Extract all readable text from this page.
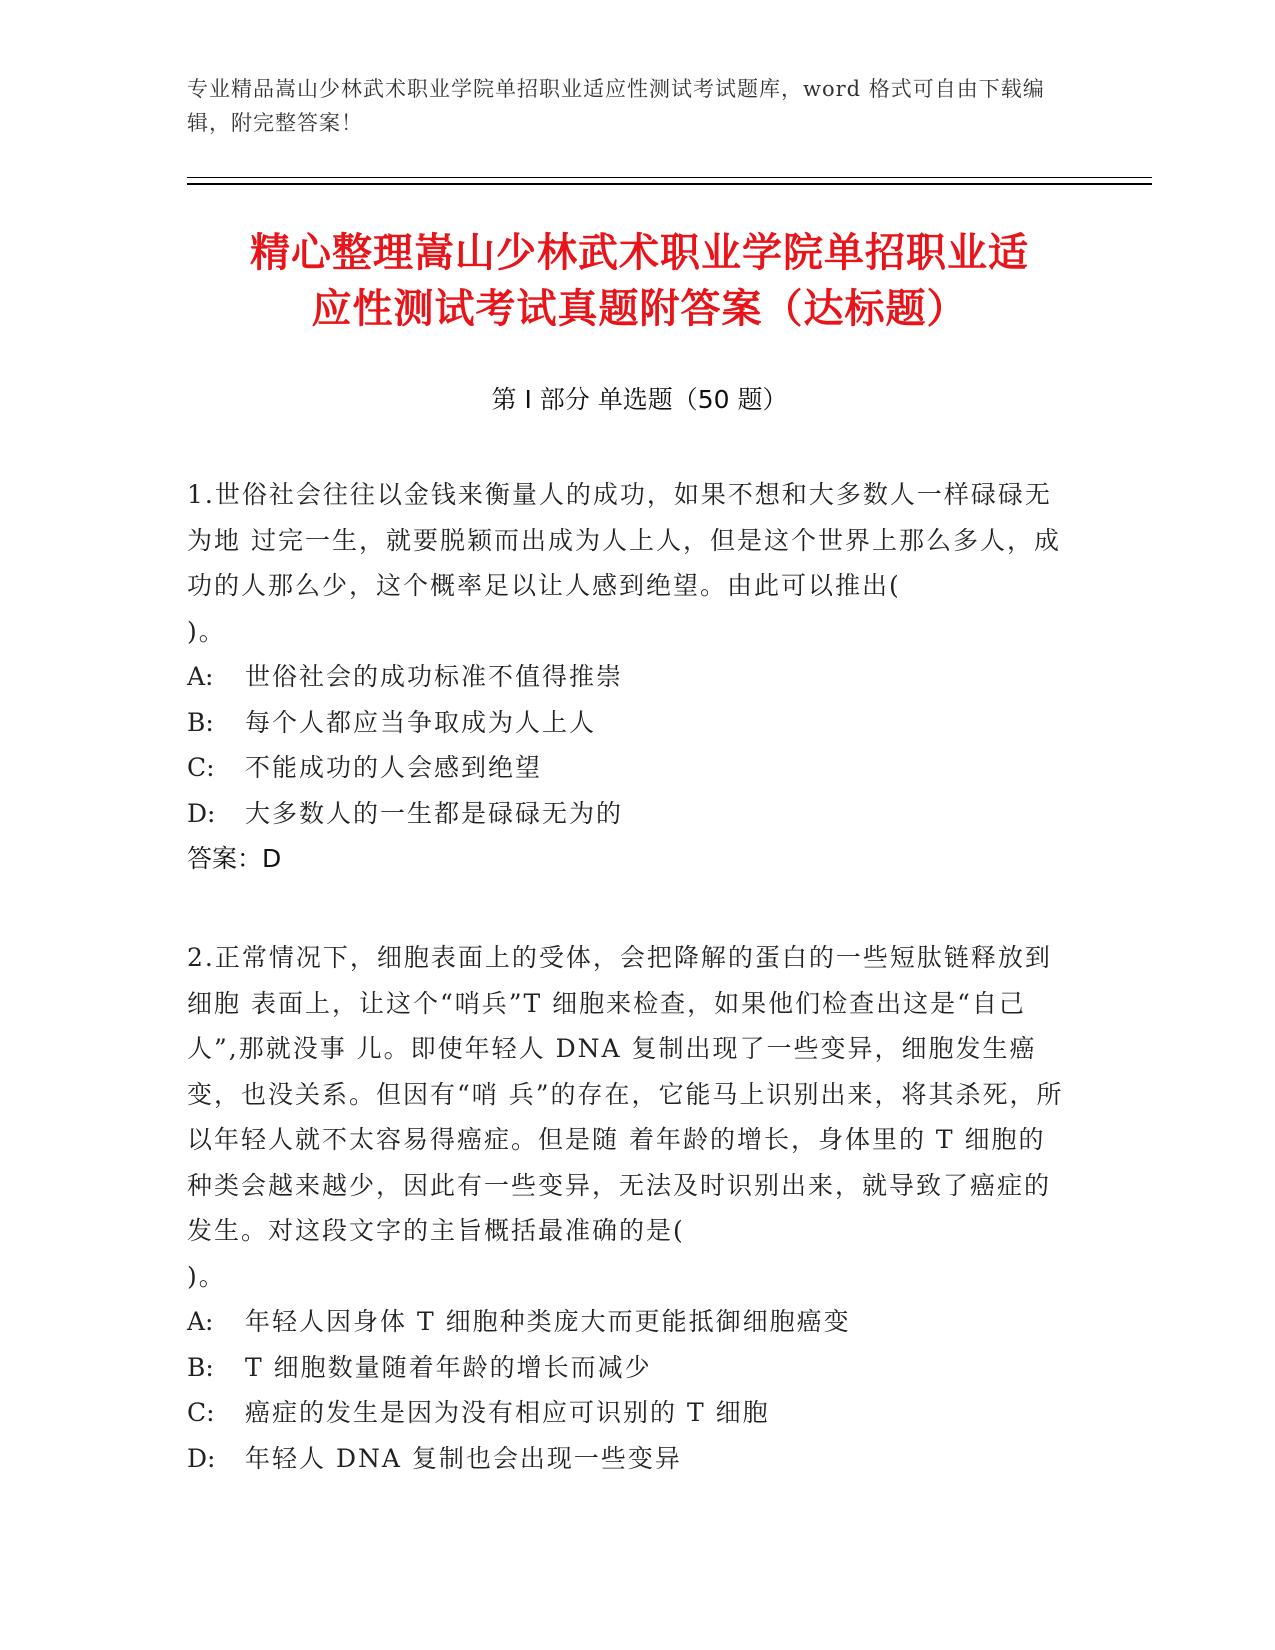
专业精品嵩山少林武术职业学院单招职业适应性测试考试题库，word 格式可自由下载编辑，附完整答案！
精心整理嵩山少林武术职业学院单招职业适
应性测试考试真题附答案（达标题）
第 I 部分 单选题（50 题）

1.世俗社会往往以金钱来衡量人的成功，如果不想和大多数人一样碌碌无为地 过完一生，就要脱颖而出成为人上人，但是这个世界上那么多人，成功的人那么少，这个概率足以让人感到绝望。由此可以推出(
)。

A: 世俗社会的成功标准不值得推崇
B: 每个人都应当争取成为人上人
C: 不能成功的人会感到绝望
D: 大多数人的一生都是碌碌无为的
答案：D

2.正常情况下，细胞表面上的受体，会把降解的蛋白的一些短肽链释放到细胞 表面上，让这个“哨兵”T 细胞来检查，如果他们检查出这是“自己人”,那就没事 儿。即使年轻人 DNA 复制出现了一些变异，细胞发生癌变，也没关系。但因有“哨 兵”的存在，它能马上识别出来，将其杀死，所以年轻人就不太容易得癌症。但是随 着年龄的增长，身体里的 T 细胞的种类会越来越少，因此有一些变异，无法及时识别出来，就导致了癌症的发生。对这段文字的主旨概括最准确的是(
)。

A: 年轻人因身体 T 细胞种类庞大而更能抵御细胞癌变
B: T 细胞数量随着年龄的增长而减少
C: 癌症的发生是因为没有相应可识别的 T 细胞
D: 年轻人 DNA 复制也会出现一些变异
